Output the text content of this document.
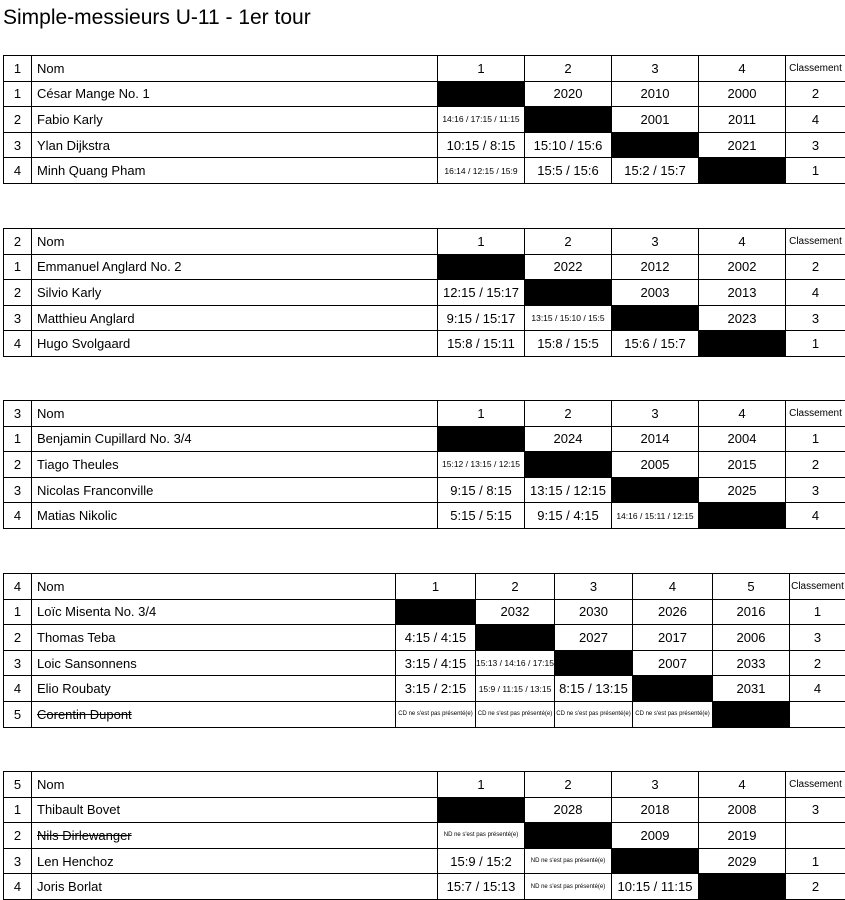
Simple-messieurs U-11 - 1er tour
1	Nom	1	2	3	4	Classement
1	César Mange No. 1		2020	2010	2000	2
2	Fabio Karly	14:16 / 17:15 / 11:15		2001	2011	4
3	Ylan Dijkstra	10:15 / 8:15	15:10 / 15:6		2021	3
4	Minh Quang Pham	16:14 / 12:15 / 15:9	15:5 / 15:6	15:2 / 15:7		1
2	Nom	1	2	3	4	Classement
1	Emmanuel Anglard No. 2		2022	2012	2002	2
2	Silvio Karly	12:15 / 15:17		2003	2013	4
3	Matthieu Anglard	9:15 / 15:17	13:15 / 15:10 / 15:5		2023	3
4	Hugo Svolgaard	15:8 / 15:11	15:8 / 15:5	15:6 / 15:7		1
3	Nom	1	2	3	4	Classement
1	Benjamin Cupillard No. 3/4		2024	2014	2004	1
2	Tiago Theules	15:12 / 13:15 / 12:15		2005	2015	2
3	Nicolas Franconville	9:15 / 8:15	13:15 / 12:15		2025	3
4	Matias Nikolic	5:15 / 5:15	9:15 / 4:15	14:16 / 15:11 / 12:15		4
4	Nom	1	2	3	4	5	Classement
1	Loïc Misenta No. 3/4		2032	2030	2026	2016	1
2	Thomas Teba	4:15 / 4:15		2027	2017	2006	3
3	Loic Sansonnens	3:15 / 4:15	15:13 / 14:16 / 17:15		2007	2033	2
4	Elio Roubaty	3:15 / 2:15	15:9 / 11:15 / 13:15	8:15 / 13:15		2031	4
5	Corentin Dupont	CD ne s'est pas présenté(e)	CD ne s'est pas présenté(e)	CD ne s'est pas présenté(e)	CD ne s'est pas présenté(e)		
5	Nom	1	2	3	4	Classement
1	Thibault Bovet		2028	2018	2008	3
2	Nils Dirlewanger	ND ne s'est pas présenté(e)		2009	2019	
3	Len Henchoz	15:9 / 15:2	ND ne s'est pas présenté(e)		2029	1
4	Joris Borlat	15:7 / 15:13	ND ne s'est pas présenté(e)	10:15 / 11:15		2
